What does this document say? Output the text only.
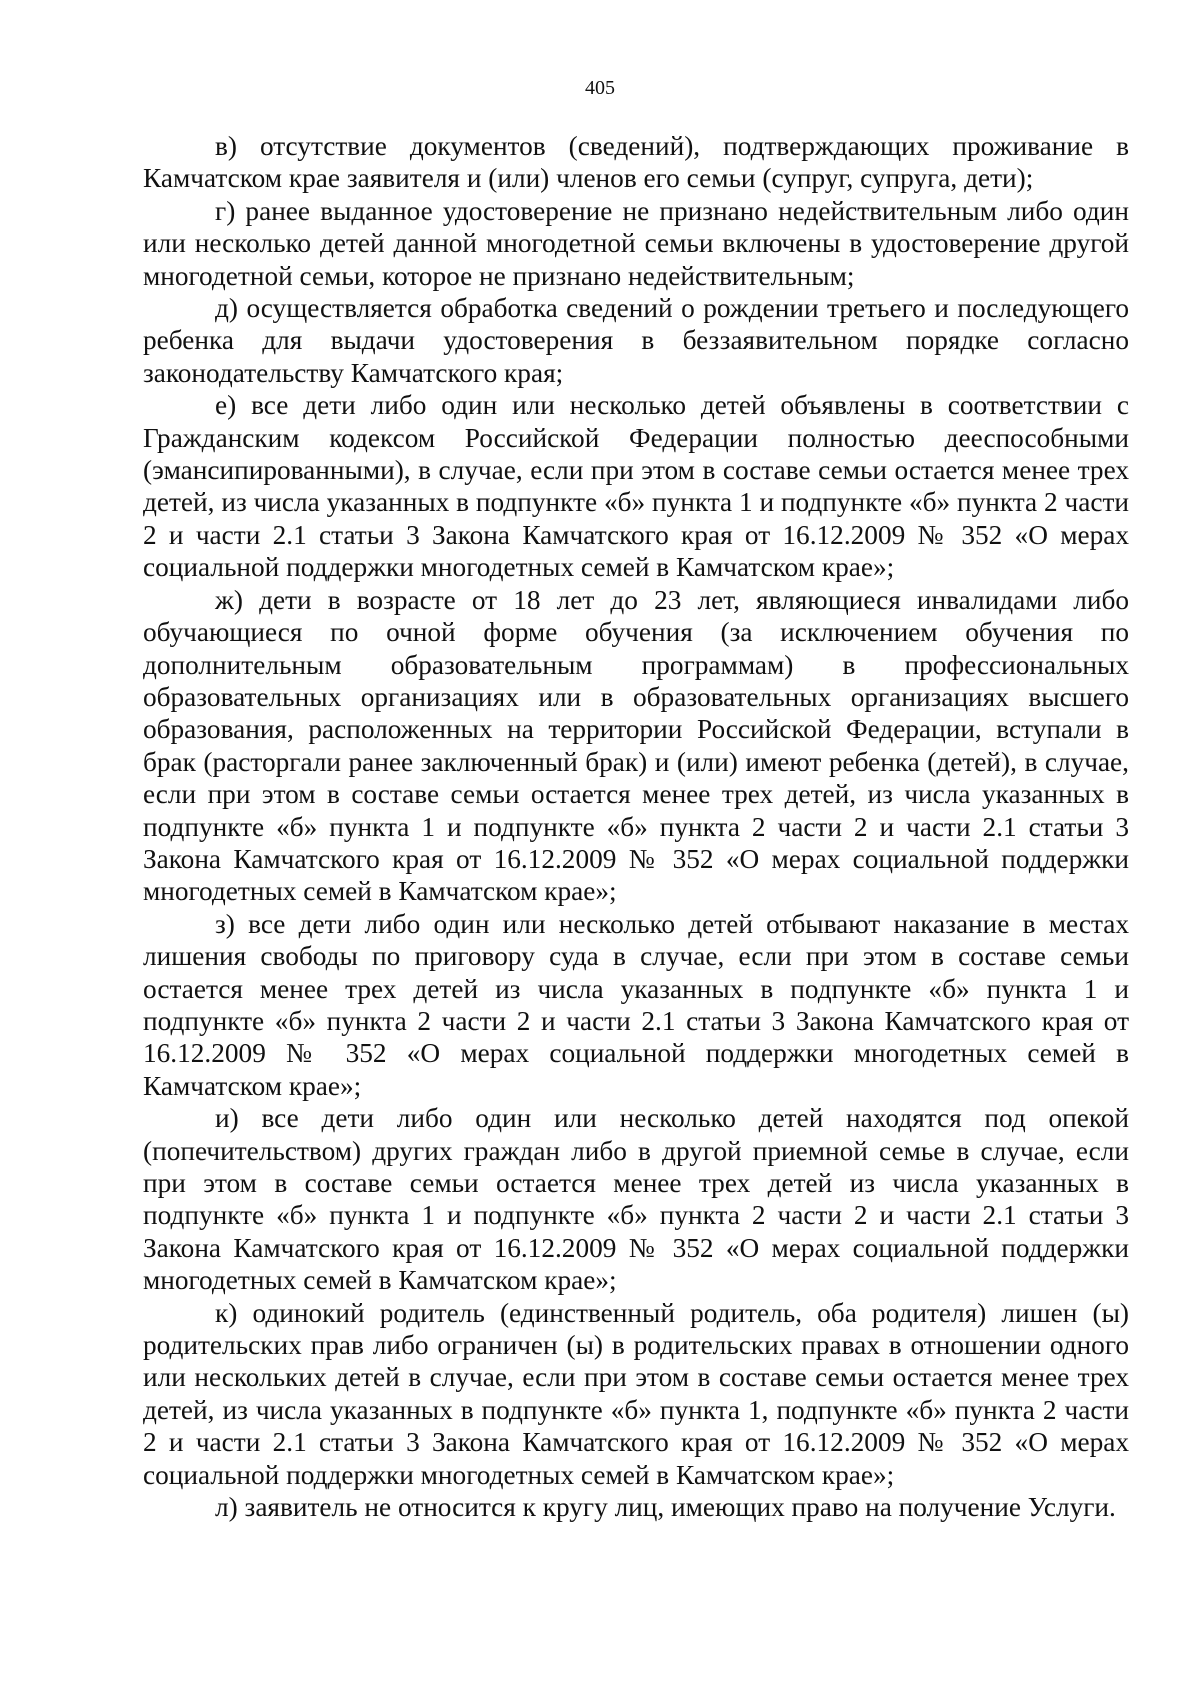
405

в) отсутствие документов (сведений), подтверждающих проживание в Камчатском крае заявителя и (или) членов его семьи (супруг, супруга, дети);

г) ранее выданное удостоверение не признано недействительным либо один или несколько детей данной многодетной семьи включены в удостоверение другой многодетной семьи, которое не признано недействительным;

д) осуществляется обработка сведений о рождении третьего и последующего ребенка для выдачи удостоверения в беззаявительном порядке согласно законодательству Камчатского края;

е) все дети либо один или несколько детей объявлены в соответствии с Гражданским кодексом Российской Федерации полностью дееспособными (эмансипированными), в случае, если при этом в составе семьи остается менее трех детей, из числа указанных в подпункте «б» пункта 1 и подпункте «б» пункта 2 части 2 и части 2.1 статьи 3 Закона Камчатского края от 16.12.2009 № 352 «О мерах социальной поддержки многодетных семей в Камчатском крае»;

ж) дети в возрасте от 18 лет до 23 лет, являющиеся инвалидами либо обучающиеся по очной форме обучения (за исключением обучения по дополнительным образовательным программам) в профессиональных образовательных организациях или в образовательных организациях высшего образования, расположенных на территории Российской Федерации, вступали в брак (расторгали ранее заключенный брак) и (или) имеют ребенка (детей), в случае, если при этом в составе семьи остается менее трех детей, из числа указанных в подпункте «б» пункта 1 и подпункте «б» пункта 2 части 2 и части 2.1 статьи 3 Закона Камчатского края от 16.12.2009 № 352 «О мерах социальной поддержки многодетных семей в Камчатском крае»;

з) все дети либо один или несколько детей отбывают наказание в местах лишения свободы по приговору суда в случае, если при этом в составе семьи остается менее трех детей из числа указанных в подпункте «б» пункта 1 и подпункте «б» пункта 2 части 2 и части 2.1 статьи 3 Закона Камчатского края от 16.12.2009 № 352 «О мерах социальной поддержки многодетных семей в Камчатском крае»;

и) все дети либо один или несколько детей находятся под опекой (попечительством) других граждан либо в другой приемной семье в случае, если при этом в составе семьи остается менее трех детей из числа указанных в подпункте «б» пункта 1 и подпункте «б» пункта 2 части 2 и части 2.1 статьи 3 Закона Камчатского края от 16.12.2009 № 352 «О мерах социальной поддержки многодетных семей в Камчатском крае»;

к) одинокий родитель (единственный родитель, оба родителя) лишен (ы) родительских прав либо ограничен (ы) в родительских правах в отношении одного или нескольких детей в случае, если при этом в составе семьи остается менее трех детей, из числа указанных в подпункте «б» пункта 1, подпункте «б» пункта 2 части 2 и части 2.1 статьи 3 Закона Камчатского края от 16.12.2009 № 352 «О мерах социальной поддержки многодетных семей в Камчатском крае»;

л) заявитель не относится к кругу лиц, имеющих право на получение Услуги.
